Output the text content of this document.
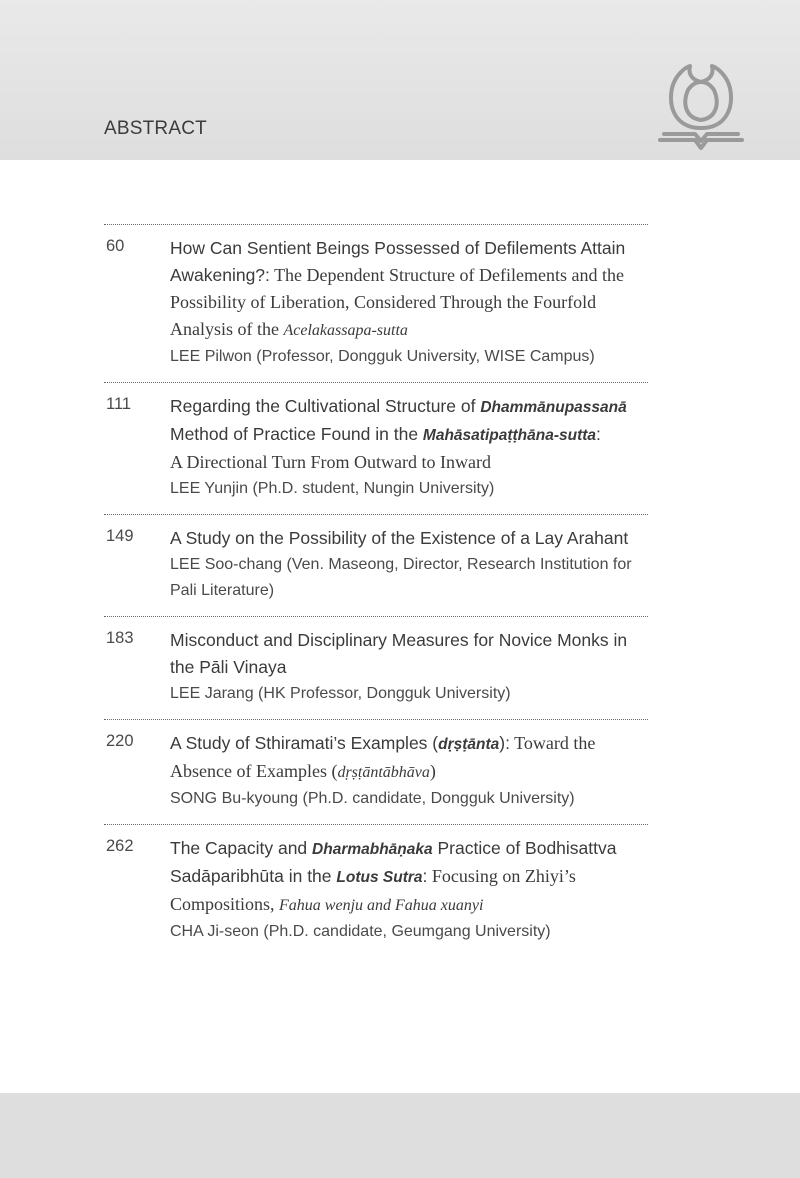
ABSTRACT
60	How Can Sentient Beings Possessed of Defilements Attain Awakening?: The Dependent Structure of Defilements and the Possibility of Liberation, Considered Through the Fourfold Analysis of the Acelakassapa-sutta
LEE Pilwon (Professor, Dongguk University, WISE Campus)
111 Regarding the Cultivational Structure of Dhammānupassanā Method of Practice Found in the Mahāsatipaṭṭhāna-sutta:
A Directional Turn From Outward to Inward
LEE Yunjin (Ph.D. student, Nungin University)
149 A Study on the Possibility of the Existence of a Lay Arahant
LEE Soo-chang (Ven. Maseong, Director, Research Institution for Pali Literature)
183 Misconduct and Disciplinary Measures for Novice Monks in the Pāli Vinaya
LEE Jarang (HK Professor, Dongguk University)
220 A Study of Sthiramati’s Examples (dṛṣṭānta): Toward the Absence of Examples (dṛṣṭāntābhāva)
SONG Bu-kyoung (Ph.D. candidate, Dongguk University)
262 The Capacity and Dharmabhāṇaka Practice of Bodhisattva Sadāparibhūta in the Lotus Sutra: Focusing on Zhiyi’s Compositions, Fahua wenju and Fahua xuanyi
CHA Ji-seon (Ph.D. candidate, Geumgang University)
